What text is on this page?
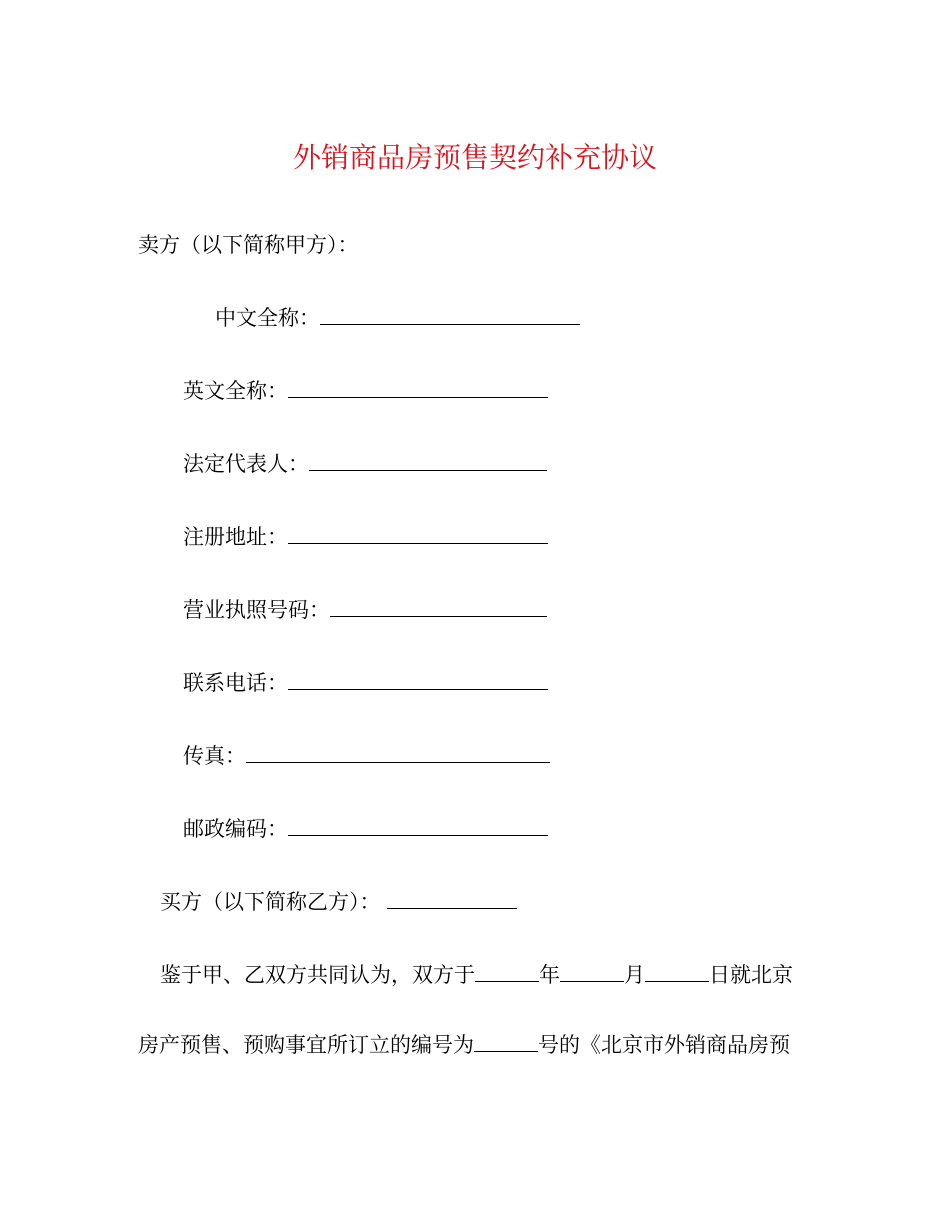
外销商品房预售契约补充协议
卖方（以下简称甲方）：
中文全称：
英文全称：
法定代表人：
注册地址：
营业执照号码：
联系电话：
传真：
邮政编码：
买方（以下简称乙方）：
鉴于甲、乙双方共同认为，双方于	年	月	日就北京
房产预售、预购事宜所订立的编号为	号的《北京市外销商品房预
